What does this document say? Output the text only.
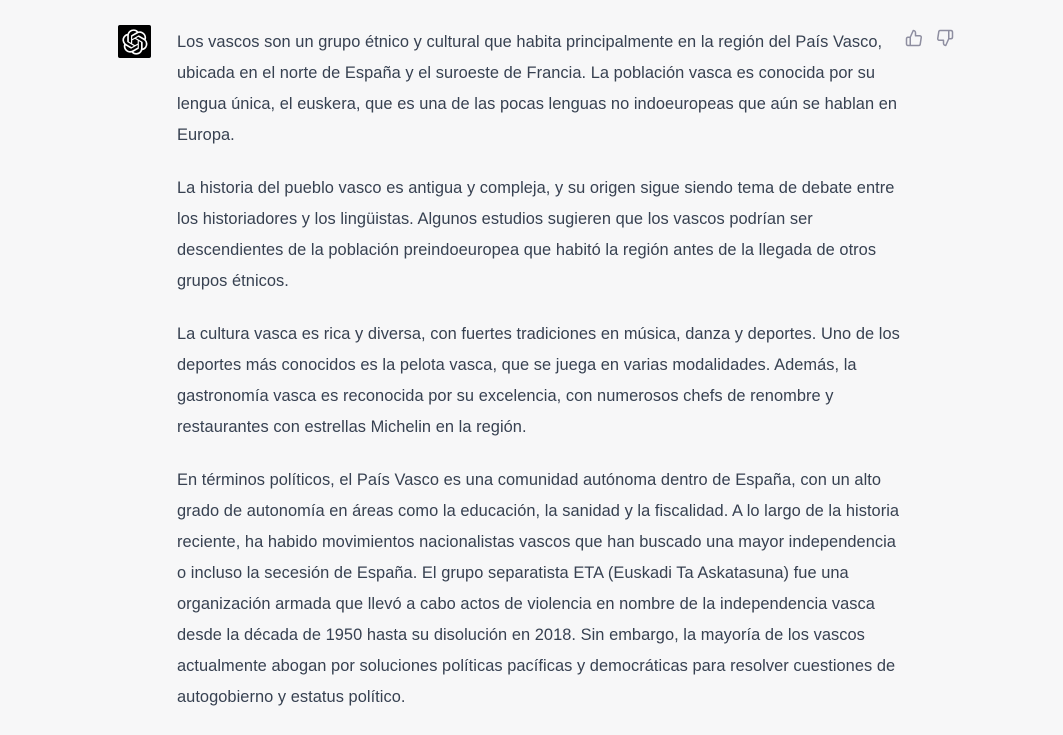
Los vascos son un grupo étnico y cultural que habita principalmente en la región del País Vasco, ubicada en el norte de España y el suroeste de Francia. La población vasca es conocida por su lengua única, el euskera, que es una de las pocas lenguas no indoeuropeas que aún se hablan en Europa.

La historia del pueblo vasco es antigua y compleja, y su origen sigue siendo tema de debate entre los historiadores y los lingüistas. Algunos estudios sugieren que los vascos podrían ser descendientes de la población preindoeuropea que habitó la región antes de la llegada de otros grupos étnicos.

La cultura vasca es rica y diversa, con fuertes tradiciones en música, danza y deportes. Uno de los deportes más conocidos es la pelota vasca, que se juega en varias modalidades. Además, la gastronomía vasca es reconocida por su excelencia, con numerosos chefs de renombre y restaurantes con estrellas Michelin en la región.

En términos políticos, el País Vasco es una comunidad autónoma dentro de España, con un alto grado de autonomía en áreas como la educación, la sanidad y la fiscalidad. A lo largo de la historia reciente, ha habido movimientos nacionalistas vascos que han buscado una mayor independencia o incluso la secesión de España. El grupo separatista ETA (Euskadi Ta Askatasuna) fue una organización armada que llevó a cabo actos de violencia en nombre de la independencia vasca desde la década de 1950 hasta su disolución en 2018. Sin embargo, la mayoría de los vascos actualmente abogan por soluciones políticas pacíficas y democráticas para resolver cuestiones de autogobierno y estatus político.
